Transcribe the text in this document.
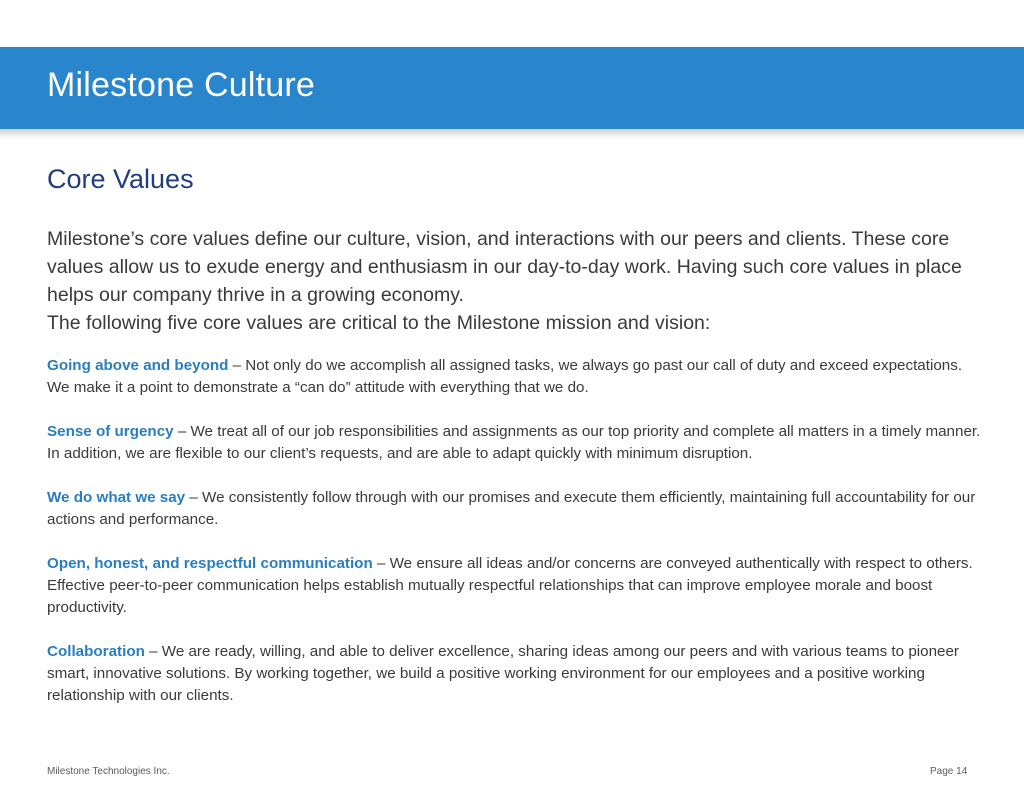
Milestone Culture
Core Values

Milestone’s core values define our culture, vision, and interactions with our peers and clients. These core values allow us to exude energy and enthusiasm in our day-to-day work. Having such core values in place helps our company thrive in a growing economy.

The following five core values are critical to the Milestone mission and vision:

Going above and beyond – Not only do we accomplish all assigned tasks, we always go past our call of duty and exceed expectations. We make it a point to demonstrate a “can do” attitude with everything that we do.

Sense of urgency – We treat all of our job responsibilities and assignments as our top priority and complete all matters in a timely manner. In addition, we are flexible to our client’s requests, and are able to adapt quickly with minimum disruption.

We do what we say – We consistently follow through with our promises and execute them efficiently, maintaining full accountability for our actions and performance.

Open, honest, and respectful communication – We ensure all ideas and/or concerns are conveyed authentically with respect to others. Effective peer-to-peer communication helps establish mutually respectful relationships that can improve employee morale and boost productivity.

Collaboration – We are ready, willing, and able to deliver excellence, sharing ideas among our peers and with various teams to pioneer smart, innovative solutions. By working together, we build a positive working environment for our employees and a positive working relationship with our clients.

Milestone Technologies Inc.	Page 14
